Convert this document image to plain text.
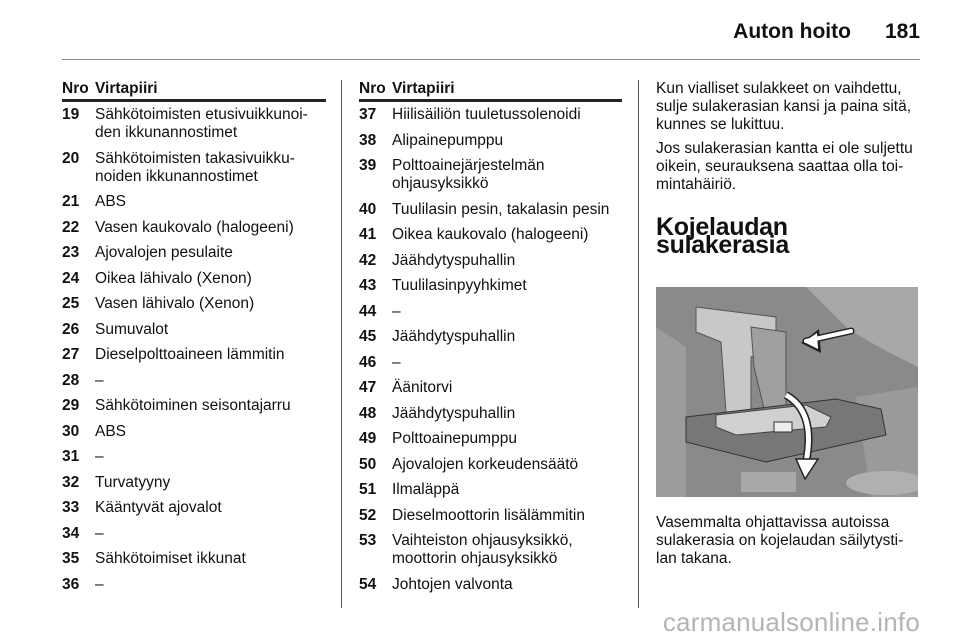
Auton hoito 181
Nro Virtapiiri
19	Sähkötoimisten etusivuikkunoi-den ikkunannostimet
20	Sähkötoimisten takasivuikku-noiden ikkunannostimet
21	ABS
22	Vasen kaukovalo (halogeeni)
23	Ajovalojen pesulaite
24	Oikea lähivalo (Xenon)
25	Vasen lähivalo (Xenon)
26	Sumuvalot
27	Dieselpolttoaineen lämmitin
28	–
29	Sähkötoiminen seisontajarru
30	ABS
31	–
32	Turvatyyny
33	Kääntyvät ajovalot
34	–
35	Sähkötoimiset ikkunat
36	–
Nro Virtapiiri
37	Hiilisäiliön tuuletussolenoidi
38	Alipainepumppu
39	Polttoainejärjestelmän ohjausyksikkö
40	Tuulilasin pesin, takalasin pesin
41	Oikea kaukovalo (halogeeni)
42	Jäähdytyspuhallin
43	Tuulilasinpyyhkimet
44	–
45	Jäähdytyspuhallin
46	–
47	Äänitorvi
48	Jäähdytyspuhallin
49	Polttoainepumppu
50	Ajovalojen korkeudensäätö
51	Ilmaläppä
52	Dieselmoottorin lisälämmitin
53	Vaihteiston ohjausyksikkö, moottorin ohjausyksikkö
54	Johtojen valvonta

Kun vialliset sulakkeet on vaihdettu, sulje sulakerasian kansi ja paina sitä, kunnes se lukittuu.

Jos sulakerasian kantta ei ole suljettu oikein, seurauksena saattaa olla toi-mintahäiriö.

Kojelaudan sulakerasia
Vasemmalta ohjattavissa autoissa sulakerasia on kojelaudan säilytysti-lan takana.
carmanualsonline.info
